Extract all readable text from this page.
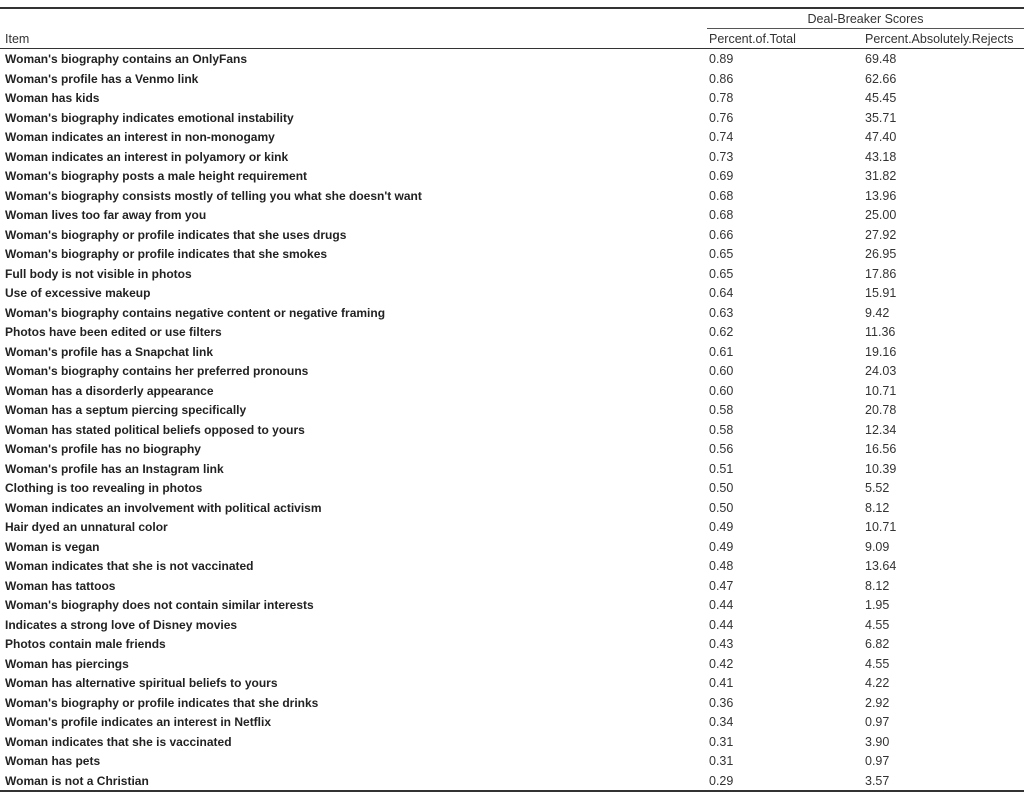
Deal-Breaker Scores
Item	Percent.of.Total	Percent.Absolutely.Rejects
Woman's biography contains an OnlyFans	0.89	69.48
Woman's profile has a Venmo link	0.86	62.66
Woman has kids	0.78	45.45
Woman's biography indicates emotional instability	0.76	35.71
Woman indicates an interest in non-monogamy	0.74	47.40
Woman indicates an interest in polyamory or kink	0.73	43.18
Woman's biography posts a male height requirement	0.69	31.82
Woman's biography consists mostly of telling you what she doesn't want	0.68	13.96
Woman lives too far away from you	0.68	25.00
Woman's biography or profile indicates that she uses drugs	0.66	27.92
Woman's biography or profile indicates that she smokes	0.65	26.95
Full body is not visible in photos	0.65	17.86
Use of excessive makeup	0.64	15.91
Woman's biography contains negative content or negative framing	0.63	9.42
Photos have been edited or use filters	0.62	11.36
Woman's profile has a Snapchat link	0.61	19.16
Woman's biography contains her preferred pronouns	0.60	24.03
Woman has a disorderly appearance	0.60	10.71
Woman has a septum piercing specifically	0.58	20.78
Woman has stated political beliefs opposed to yours	0.58	12.34
Woman's profile has no biography	0.56	16.56
Woman's profile has an Instagram link	0.51	10.39
Clothing is too revealing in photos	0.50	5.52
Woman indicates an involvement with political activism	0.50	8.12
Hair dyed an unnatural color	0.49	10.71
Woman is vegan	0.49	9.09
Woman indicates that she is not vaccinated	0.48	13.64
Woman has tattoos	0.47	8.12
Woman's biography does not contain similar interests	0.44	1.95
Indicates a strong love of Disney movies	0.44	4.55
Photos contain male friends	0.43	6.82
Woman has piercings	0.42	4.55
Woman has alternative spiritual beliefs to yours	0.41	4.22
Woman's biography or profile indicates that she drinks	0.36	2.92
Woman's profile indicates an interest in Netflix	0.34	0.97
Woman indicates that she is vaccinated	0.31	3.90
Woman has pets	0.31	0.97
Woman is not a Christian	0.29	3.57
